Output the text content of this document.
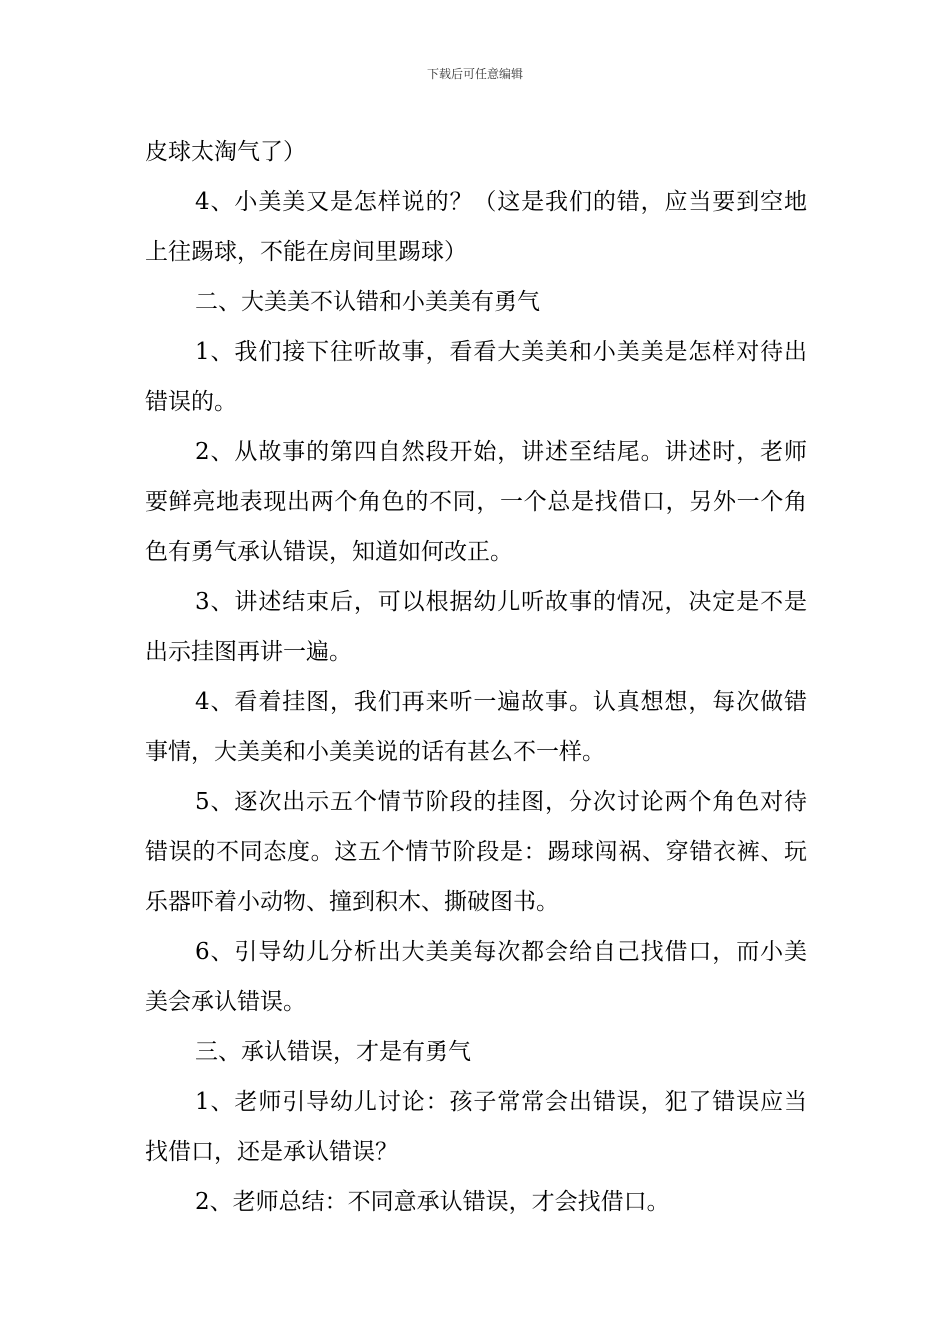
下载后可任意编辑

皮球太淘气了）

4、小美美又是怎样说的？（这是我们的错，应当要到空地上往踢球，不能在房间里踢球）

二、大美美不认错和小美美有勇气

1、我们接下往听故事，看看大美美和小美美是怎样对待出错误的。

2、从故事的第四自然段开始，讲述至结尾。讲述时，老师要鲜亮地表现出两个角色的不同，一个总是找借口，另外一个角色有勇气承认错误，知道如何改正。

3、讲述结束后，可以根据幼儿听故事的情况，决定是不是出示挂图再讲一遍。

4、看着挂图，我们再来听一遍故事。认真想想，每次做错事情，大美美和小美美说的话有甚么不一样。

5、逐次出示五个情节阶段的挂图，分次讨论两个角色对待错误的不同态度。这五个情节阶段是：踢球闯祸、穿错衣裤、玩乐器吓着小动物、撞到积木、撕破图书。

6、引导幼儿分析出大美美每次都会给自己找借口，而小美美会承认错误。

三、承认错误，才是有勇气

1、老师引导幼儿讨论：孩子常常会出错误，犯了错误应当找借口，还是承认错误？

2、老师总结：不同意承认错误，才会找借口。
